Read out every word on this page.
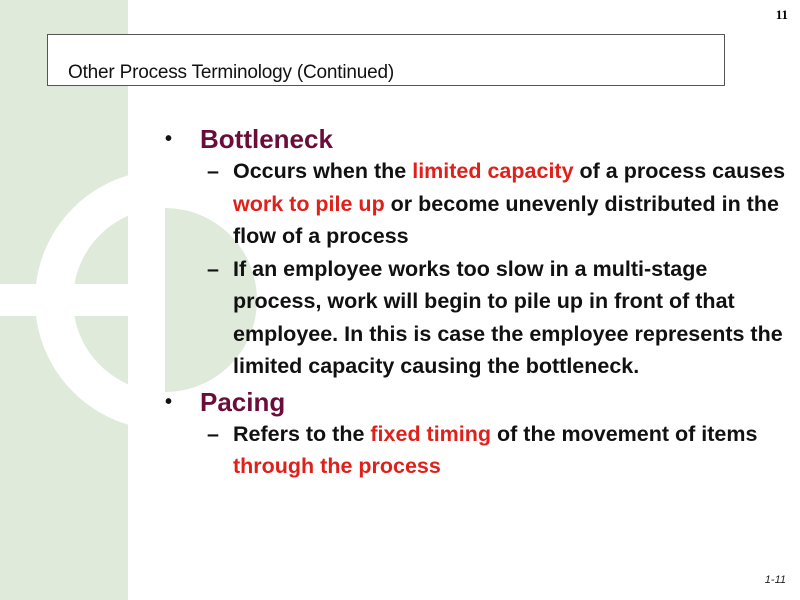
11
Other Process Terminology (Continued)
• Bottleneck
– Occurs when the limited capacity of a process causes work to pile up or become unevenly distributed in the flow of a process
– If an employee works too slow in a multi-stage process, work will begin to pile up in front of that employee. In this is case the employee represents the limited capacity causing the bottleneck.
• Pacing
– Refers to the fixed timing of the movement of items through the process
1-11
